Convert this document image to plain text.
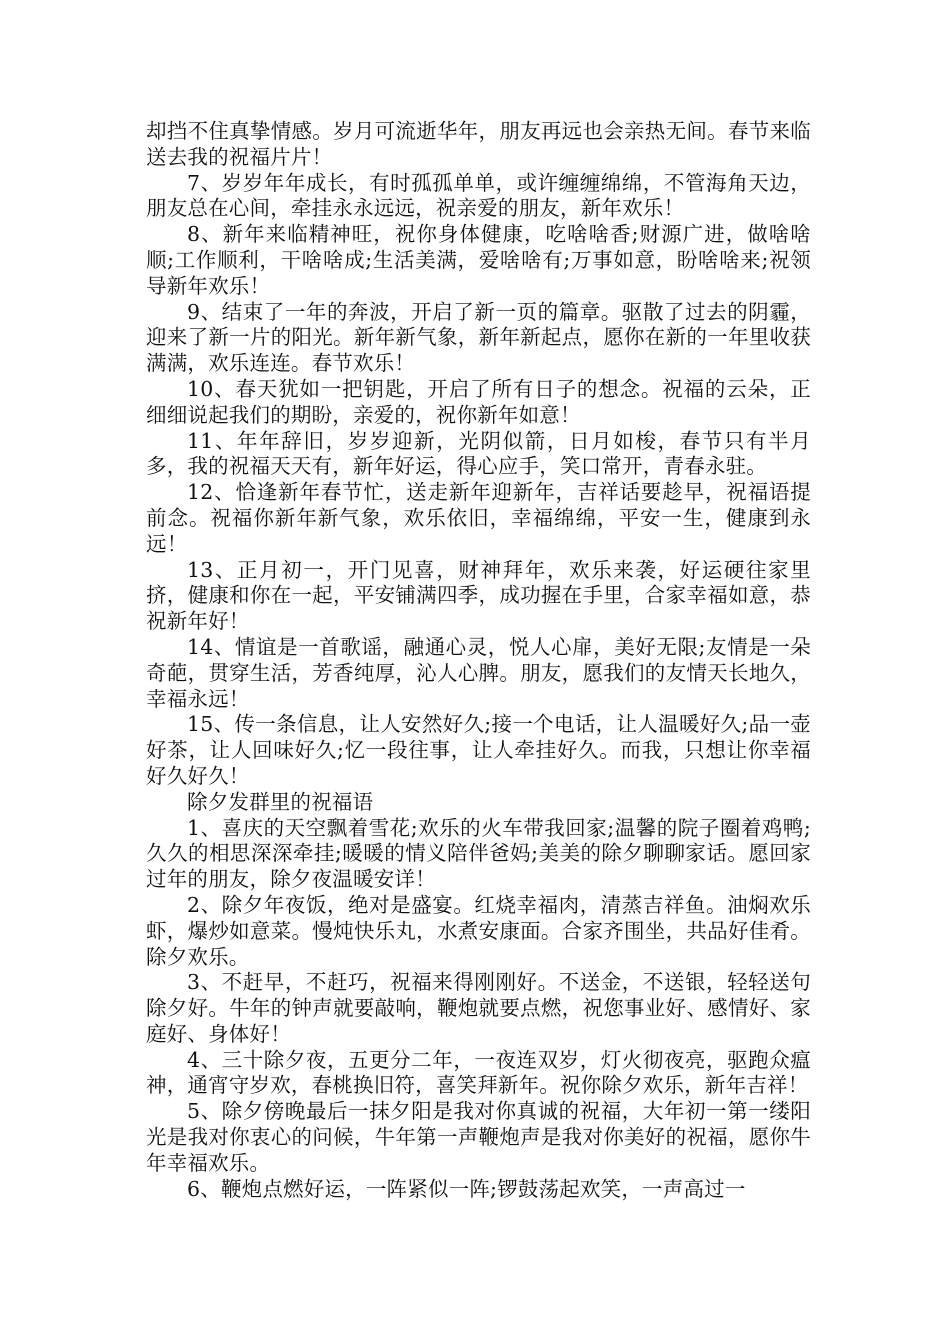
却挡不住真挚情感。岁月可流逝华年，朋友再远也会亲热无间。春节来临送去我的祝福片片！

7、岁岁年年成长，有时孤孤单单，或许缠缠绵绵，不管海角天边，朋友总在心间，牵挂永永远远，祝亲爱的朋友，新年欢乐！

8、新年来临精神旺，祝你身体健康，吃啥啥香;财源广进，做啥啥顺;工作顺利，干啥啥成;生活美满，爱啥啥有;万事如意，盼啥啥来;祝领导新年欢乐！

9、结束了一年的奔波，开启了新一页的篇章。驱散了过去的阴霾，迎来了新一片的阳光。新年新气象，新年新起点，愿你在新的一年里收获满满，欢乐连连。春节欢乐！

10、春天犹如一把钥匙，开启了所有日子的想念。祝福的云朵，正细细说起我们的期盼，亲爱的，祝你新年如意！

11、年年辞旧，岁岁迎新，光阴似箭，日月如梭，春节只有半月多，我的祝福天天有，新年好运，得心应手，笑口常开，青春永驻。

12、恰逢新年春节忙，送走新年迎新年，吉祥话要趁早，祝福语提前念。祝福你新年新气象，欢乐依旧，幸福绵绵，平安一生，健康到永远！

13、正月初一，开门见喜，财神拜年，欢乐来袭，好运硬往家里挤，健康和你在一起，平安铺满四季，成功握在手里，合家幸福如意，恭祝新年好！

14、情谊是一首歌谣，融通心灵，悦人心扉，美好无限;友情是一朵奇葩，贯穿生活，芳香纯厚，沁人心脾。朋友，愿我们的友情天长地久，幸福永远！

15、传一条信息，让人安然好久;接一个电话，让人温暖好久;品一壶好茶，让人回味好久;忆一段往事，让人牵挂好久。而我，只想让你幸福好久好久！

除夕发群里的祝福语

1、喜庆的天空飘着雪花;欢乐的火车带我回家;温馨的院子圈着鸡鸭;久久的相思深深牵挂;暖暖的情义陪伴爸妈;美美的除夕聊聊家话。愿回家过年的朋友，除夕夜温暖安详！

2、除夕年夜饭，绝对是盛宴。红烧幸福肉，清蒸吉祥鱼。油焖欢乐虾，爆炒如意菜。慢炖快乐丸，水煮安康面。合家齐围坐，共品好佳肴。除夕欢乐。

3、不赶早，不赶巧，祝福来得刚刚好。不送金，不送银，轻轻送句除夕好。牛年的钟声就要敲响，鞭炮就要点燃，祝您事业好、感情好、家庭好、身体好！

4、三十除夕夜，五更分二年，一夜连双岁，灯火彻夜亮，驱跑众瘟神，通宵守岁欢，春桃换旧符，喜笑拜新年。祝你除夕欢乐，新年吉祥！

5、除夕傍晚最后一抹夕阳是我对你真诚的祝福，大年初一第一缕阳光是我对你衷心的问候，牛年第一声鞭炮声是我对你美好的祝福，愿你牛年幸福欢乐。

6、鞭炮点燃好运，一阵紧似一阵;锣鼓荡起欢笑，一声高过一
